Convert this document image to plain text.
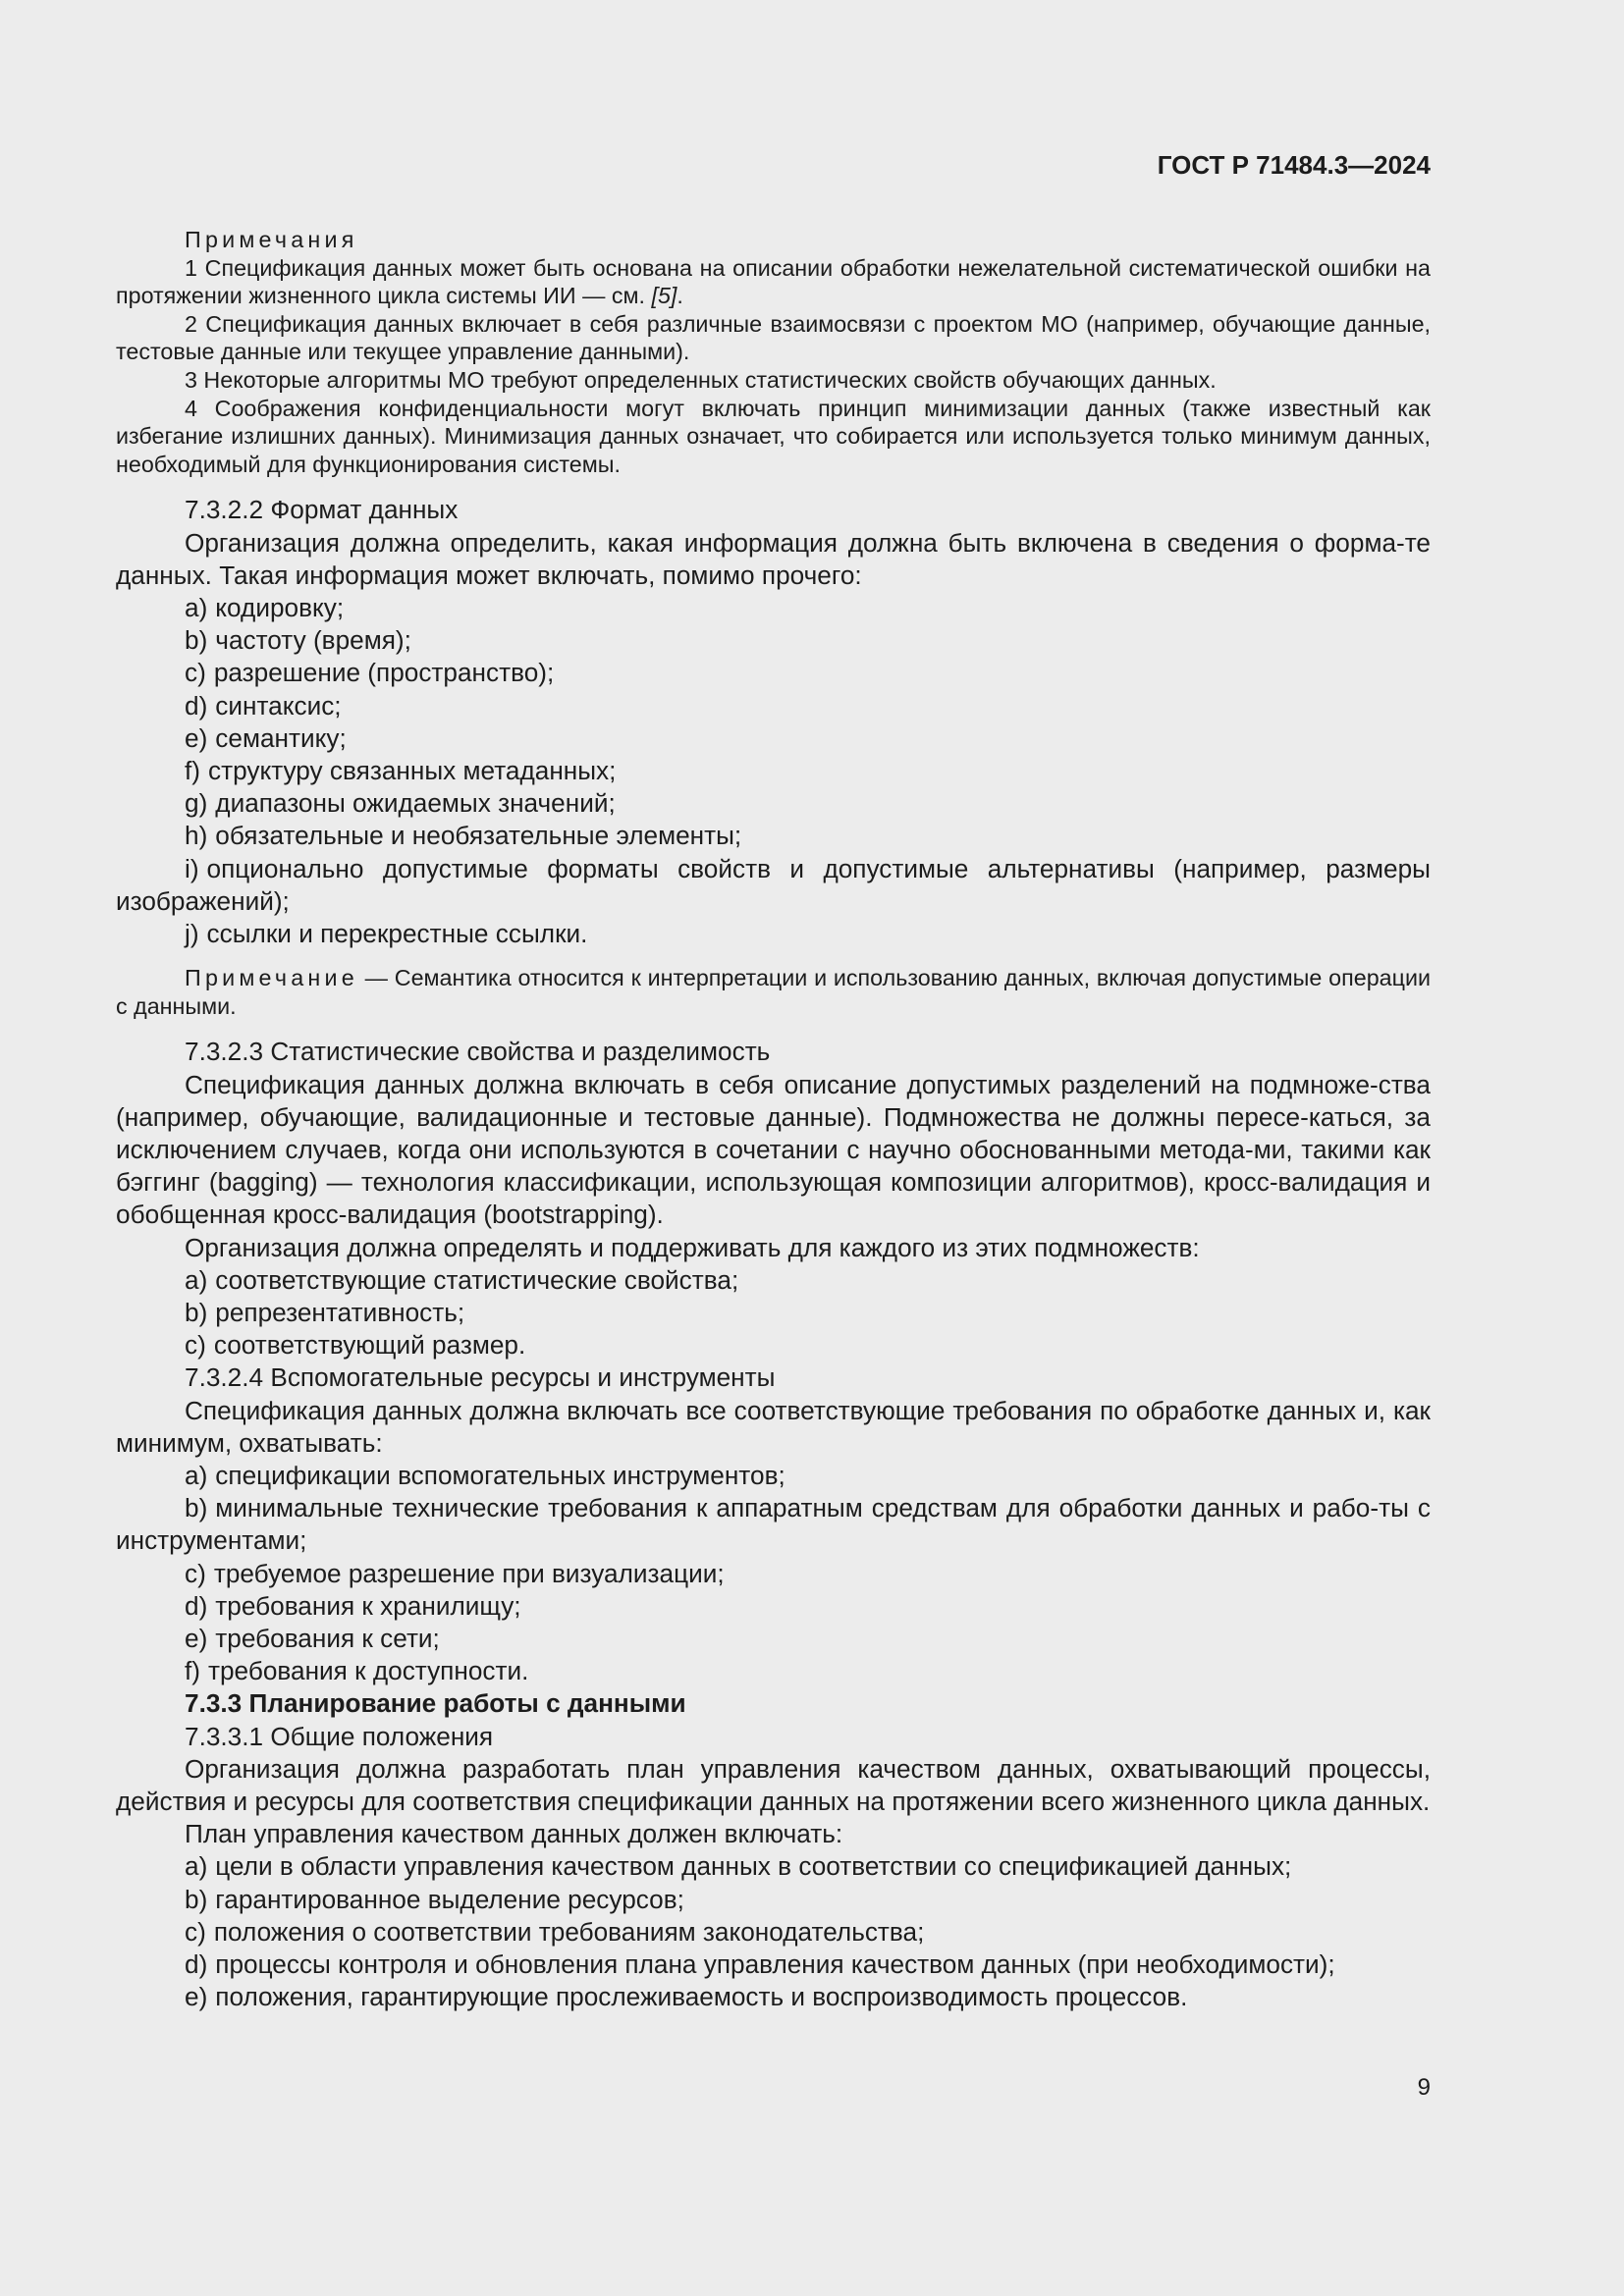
ГОСТ Р 71484.3—2024

Примечания

1 Спецификация данных может быть основана на описании обработки нежелательной систематической ошибки на протяжении жизненного цикла системы ИИ — см. [5].

2 Спецификация данных включает в себя различные взаимосвязи с проектом МО (например, обучающие данные, тестовые данные или текущее управление данными).

3 Некоторые алгоритмы МО требуют определенных статистических свойств обучающих данных.

4 Соображения конфиденциальности могут включать принцип минимизации данных (также известный как избегание излишних данных). Минимизация данных означает, что собирается или используется только минимум данных, необходимый для функционирования системы.

7.3.2.2 Формат данных

Организация должна определить, какая информация должна быть включена в сведения о форма-те данных. Такая информация может включать, помимо прочего:

a) кодировку;

b) частоту (время);

c) разрешение (пространство);

d) синтаксис;

e) семантику;

f) структуру связанных метаданных;

g) диапазоны ожидаемых значений;

h) обязательные и необязательные элементы;

i) опционально допустимые форматы свойств и допустимые альтернативы (например, размеры изображений);

j) ссылки и перекрестные ссылки.

Примечание — Семантика относится к интерпретации и использованию данных, включая допустимые операции с данными.

7.3.2.3 Статистические свойства и разделимость

Спецификация данных должна включать в себя описание допустимых разделений на подмноже-ства (например, обучающие, валидационные и тестовые данные). Подмножества не должны пересе-каться, за исключением случаев, когда они используются в сочетании с научно обоснованными метода-ми, такими как бэггинг (bagging) — технология классификации, использующая композиции алгоритмов), кросс-валидация и обобщенная кросс-валидация (bootstrapping).

Организация должна определять и поддерживать для каждого из этих подмножеств:

a) соответствующие статистические свойства;

b) репрезентативность;

c) соответствующий размер.

7.3.2.4 Вспомогательные ресурсы и инструменты

Спецификация данных должна включать все соответствующие требования по обработке данных и, как минимум, охватывать:

a) спецификации вспомогательных инструментов;

b) минимальные технические требования к аппаратным средствам для обработки данных и рабо-ты с инструментами;

c) требуемое разрешение при визуализации;

d) требования к хранилищу;

e) требования к сети;

f) требования к доступности.

7.3.3 Планирование работы с данными

7.3.3.1 Общие положения

Организация должна разработать план управления качеством данных, охватывающий процессы, действия и ресурсы для соответствия спецификации данных на протяжении всего жизненного цикла данных.

План управления качеством данных должен включать:

a) цели в области управления качеством данных в соответствии со спецификацией данных;

b) гарантированное выделение ресурсов;

c) положения о соответствии требованиям законодательства;

d) процессы контроля и обновления плана управления качеством данных (при необходимости);

e) положения, гарантирующие прослеживаемость и воспроизводимость процессов.

9
